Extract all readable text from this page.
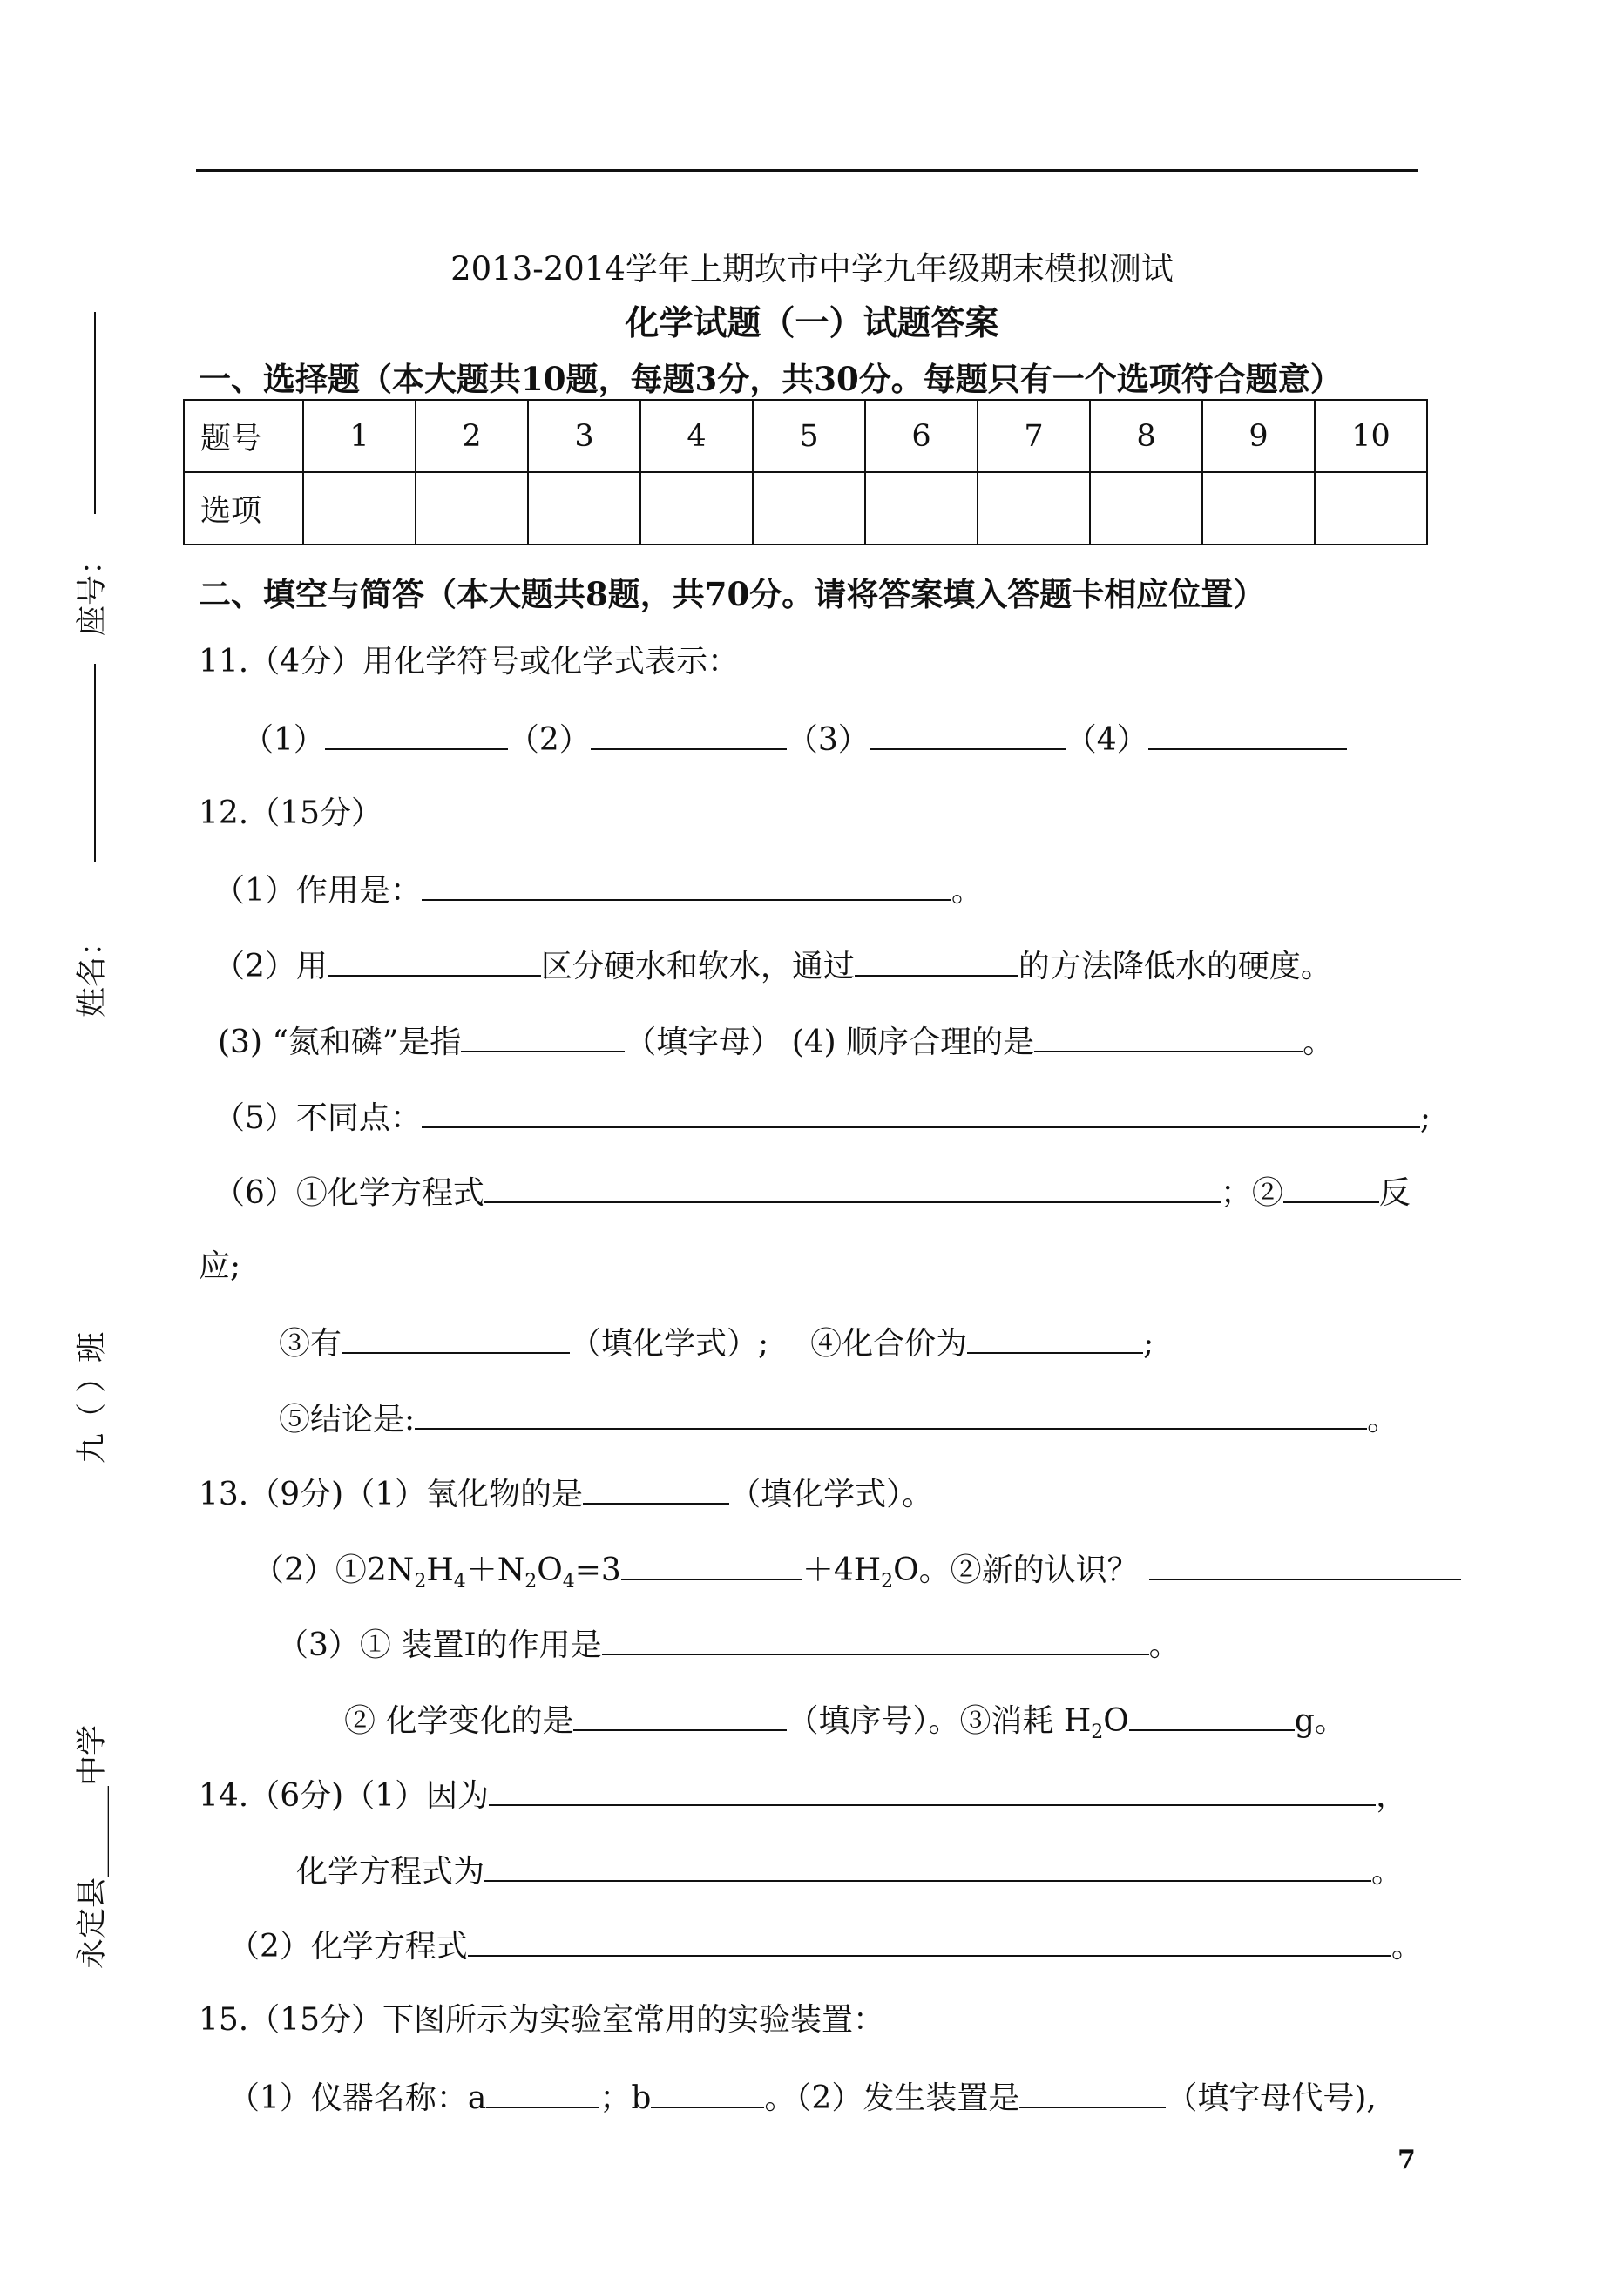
2013-2014学年上期坎市中学九年级期末模拟测试
化学试题（一）试题答案
一、选择题（本大题共10题，每题3分，共30分。每题只有一个选项符合题意）
题号	1	2	3	4	5	6	7	8	9	10
选项										
二、填空与简答（本大题共8题，共70分。请将答案填入答题卡相应位置）
11.（4分）用化学符号或化学式表示：
（1）	（2）	（3）	（4）
12.（15分）
（1）作用是：	。
（2）用	区分硬水和软水，通过	的方法降低水的硬度。
(3) “氮和磷”是指	（填字母） (4) 顺序合理的是	。
（5）不同点：	;
（6）①化学方程式	；②	反
应;
③有	（填化学式）; ④化合价为	;
⑤结论是:	。
13.（9分)（1）氧化物的是	（填化学式）。
$(2)①2N_2H_4+N_2O_4=3$	$+4H_2O$。②新的认识？
（3）① 装置Ⅰ的作用是	。
② 化学变化的是	（填序号）。③消耗 $H_2O$	g。
14.（6分)（1）因为	，
化学方程式为	。
（2）化学方程式	。
15.（15分）下图所示为实验室常用的实验装置：
（1）仪器名称：a	；b	。（2）发生装置是	（填字母代号),
7
座号：
姓名：
九（ ）班
永定县______中学
